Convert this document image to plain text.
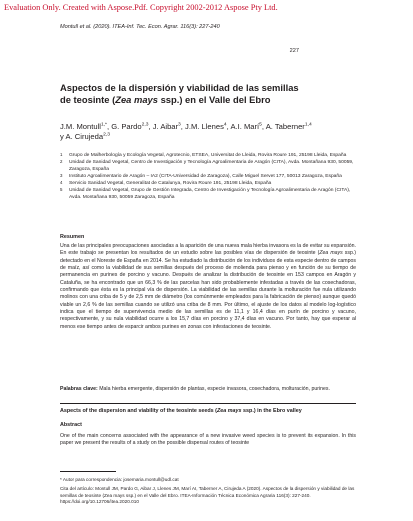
Evaluation Only. Created with Aspose.Pdf. Copyright 2002-2012 Aspose Pty Ltd.
Montull et al. (2020). ITEA-Inf. Tec. Econ. Agrar. 116(3): 227-240
227
Aspectos de la dispersión y viabilidad de las semillas
de teosinte (Zea mays ssp.) en el Valle del Ebro
J.M. Montull$^{1,*}$, G. Pardo$^{2,3}$, J. Aibar$^3$, J.M. Llenes$^4$, A.I. Marí$^5$, A. Taberner$^{1,4}$
y A. Cirujeda$^{2,3}$
1 Grupo de Malherbología y Ecología Vegetal, Agrotecnio, ETSEA, Universitat de Lleida, Rovira Roure 191, 25198 Lleida, España
2 Unidad de Sanidad Vegetal, Centro de Investigación y Tecnología Agroalimentaria de Aragón (CITA), Avda. Montañana 930, 50059, Zaragoza, España
3 Instituto Agroalimentario de Aragón – IA2 (CITA-Universidad de Zaragoza), Calle Miguel Servet 177, 50013 Zaragoza, España
4 Servicio Sanidad Vegetal, Generalitat de Catalunya, Rovira Roure 191, 25198 Lleida, España
5 Unidad de Sanidad Vegetal, Grupo de Gestión Integrada, Centro de Investigación y Tecnología Agroalimentaria de Aragón (CITA), Avda. Montañana 930, 50059 Zaragoza, España
Resumen
Una de las principales preocupaciones asociadas a la aparición de una nueva mala hierba invasora es la de evitar su expansión. En este trabajo se presentan los resultados de un estudio sobre las posibles vías de dispersión de teosinte (Zea mays ssp.) detectado en el Noreste de España en 2014. Se ha estudiado la distribución de los individuos de esta especie dentro de campos de maíz, así como la viabilidad de sus semillas después del proceso de molienda para pienso y en función de su tiempo de permanencia en purines de porcino y vacuno. Después de analizar la distribución de teosinte en 153 campos en Aragón y Cataluña, se ha encontrado que un 66,3 % de las parcelas han sido probablemente infestadas a través de las cosechadoras, confirmando que ésta es la principal vía de dispersión. La viabilidad de las semillas durante la molturación fue nula utilizando molinos con una criba de 5 y de 2,5 mm de diámetro (los comúnmente empleados para la fabricación de pienso) aunque quedó viable un 2,6 % de las semillas cuando se utilizó una criba de 8 mm. Por último, el ajuste de los datos al modelo log-logístico indica que el tiempo de supervivencia medio de las semillas es de 11,1 y 16,4 días en purín de porcino y vacuno, respectivamente, y su nula viabilidad ocurre a los 15,7 días en porcino y 37,4 días en vacuno. Por tanto, hay que esperar al menos ese tiempo antes de esparcir ambos purines en zonas con infestaciones de teosinte.
Palabras clave: Mala hierba emergente, dispersión de plantas, especie invasora, cosechadora, molturación, purines.
Aspects of the dispersion and viability of the teosinte seeds (Zea mays ssp.) in the Ebro valley
Abstract
One of the main concerns associated with the appearance of a new invasive weed species is to prevent its expansion. In this paper we present the results of a study on the possible dispersal routes of teosinte
* Autor para correspondencia: josemaria.montull@udl.cat
Cita del artículo: Montull JM, Pardo G, Aibar J, Llenes JM, Marí AI, Taberner A, Cirujeda A (2020). Aspectos de la dispersión y viabilidad de las semillas de teosinte (Zea mays ssp.) en el Valle del Ebro. ITEA-Información Técnica Económica Agraria 116(3): 227-240. https://doi.org/10.12706/itea.2020.010
